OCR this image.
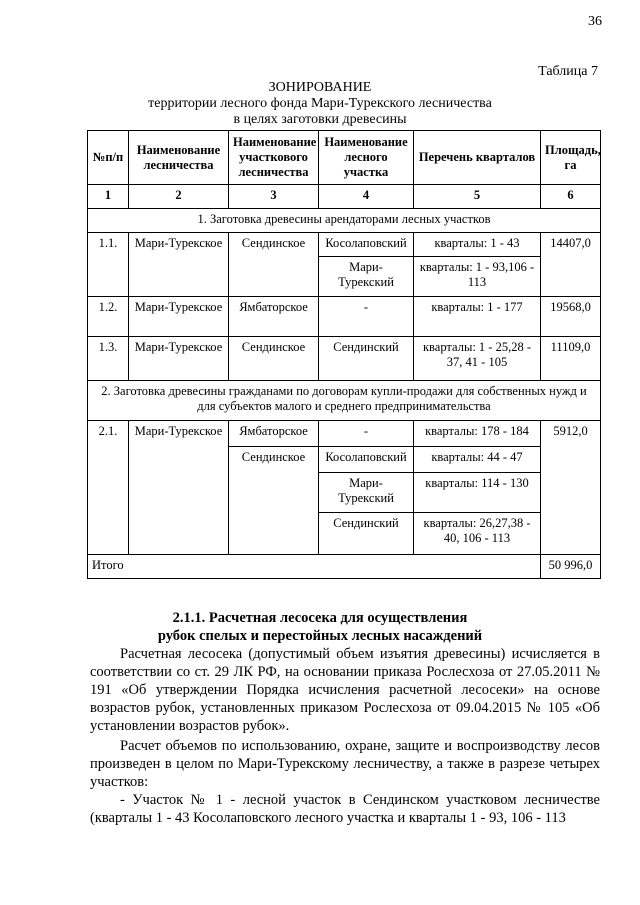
36
Таблица 7
ЗОНИРОВАНИЕ
территории лесного фонда Мари-Турекского лесничества
в целях заготовки древесины
№п/п	Наименование лесничества	Наименование участкового лесничества	Наименование лесного участка	Перечень кварталов	Площадь, га
1	2	3	4	5	6
1. Заготовка древесины арендаторами лесных участков					
1.1.	Мари-Турекское	Сендинское	Косолаповский	кварталы: 1 - 43	14407,0
			Мари-Турекский	кварталы: 1 - 93,106 - 113	
1.2.	Мари-Турекское	Ямбаторское	-	кварталы: 1 - 177	19568,0
1.3.	Мари-Турекское	Сендинское	Сендинский	кварталы: 1 - 25,28 - 37, 41 - 105	11109,0
2. Заготовка древесины гражданами по договорам купли-продажи для собственных нужд и для субъектов малого и среднего предпринимательства					
2.1.	Мари-Турекское	Ямбаторское	-	кварталы: 178 - 184	5912,0
		Сендинское	Косолаповский	кварталы: 44 - 47	
			Мари-Турекский	кварталы: 114 - 130	
			Сендинский	кварталы: 26,27,38 - 40, 106 - 113	
Итого					50 996,0
2.1.1. Расчетная лесосека для осуществления
рубок спелых и перестойных лесных насаждений
Расчетная лесосека (допустимый объем изъятия древесины) исчисляется в соответствии со ст. 29 ЛК РФ, на основании приказа Рослесхоза от 27.05.2011 № 191 «Об утверждении Порядка исчисления расчетной лесосеки» на основе возрастов рубок, установленных приказом Рослесхоза от 09.04.2015 № 105 «Об установлении возрастов рубок».
Расчет объемов по использованию, охране, защите и воспроизводству лесов произведен в целом по Мари-Турекскому лесничеству, а также в разрезе четырех участков:
- Участок № 1 - лесной участок в Сендинском участковом лесничестве (кварталы 1 - 43 Косолаповского лесного участка и кварталы 1 - 93, 106 - 113
